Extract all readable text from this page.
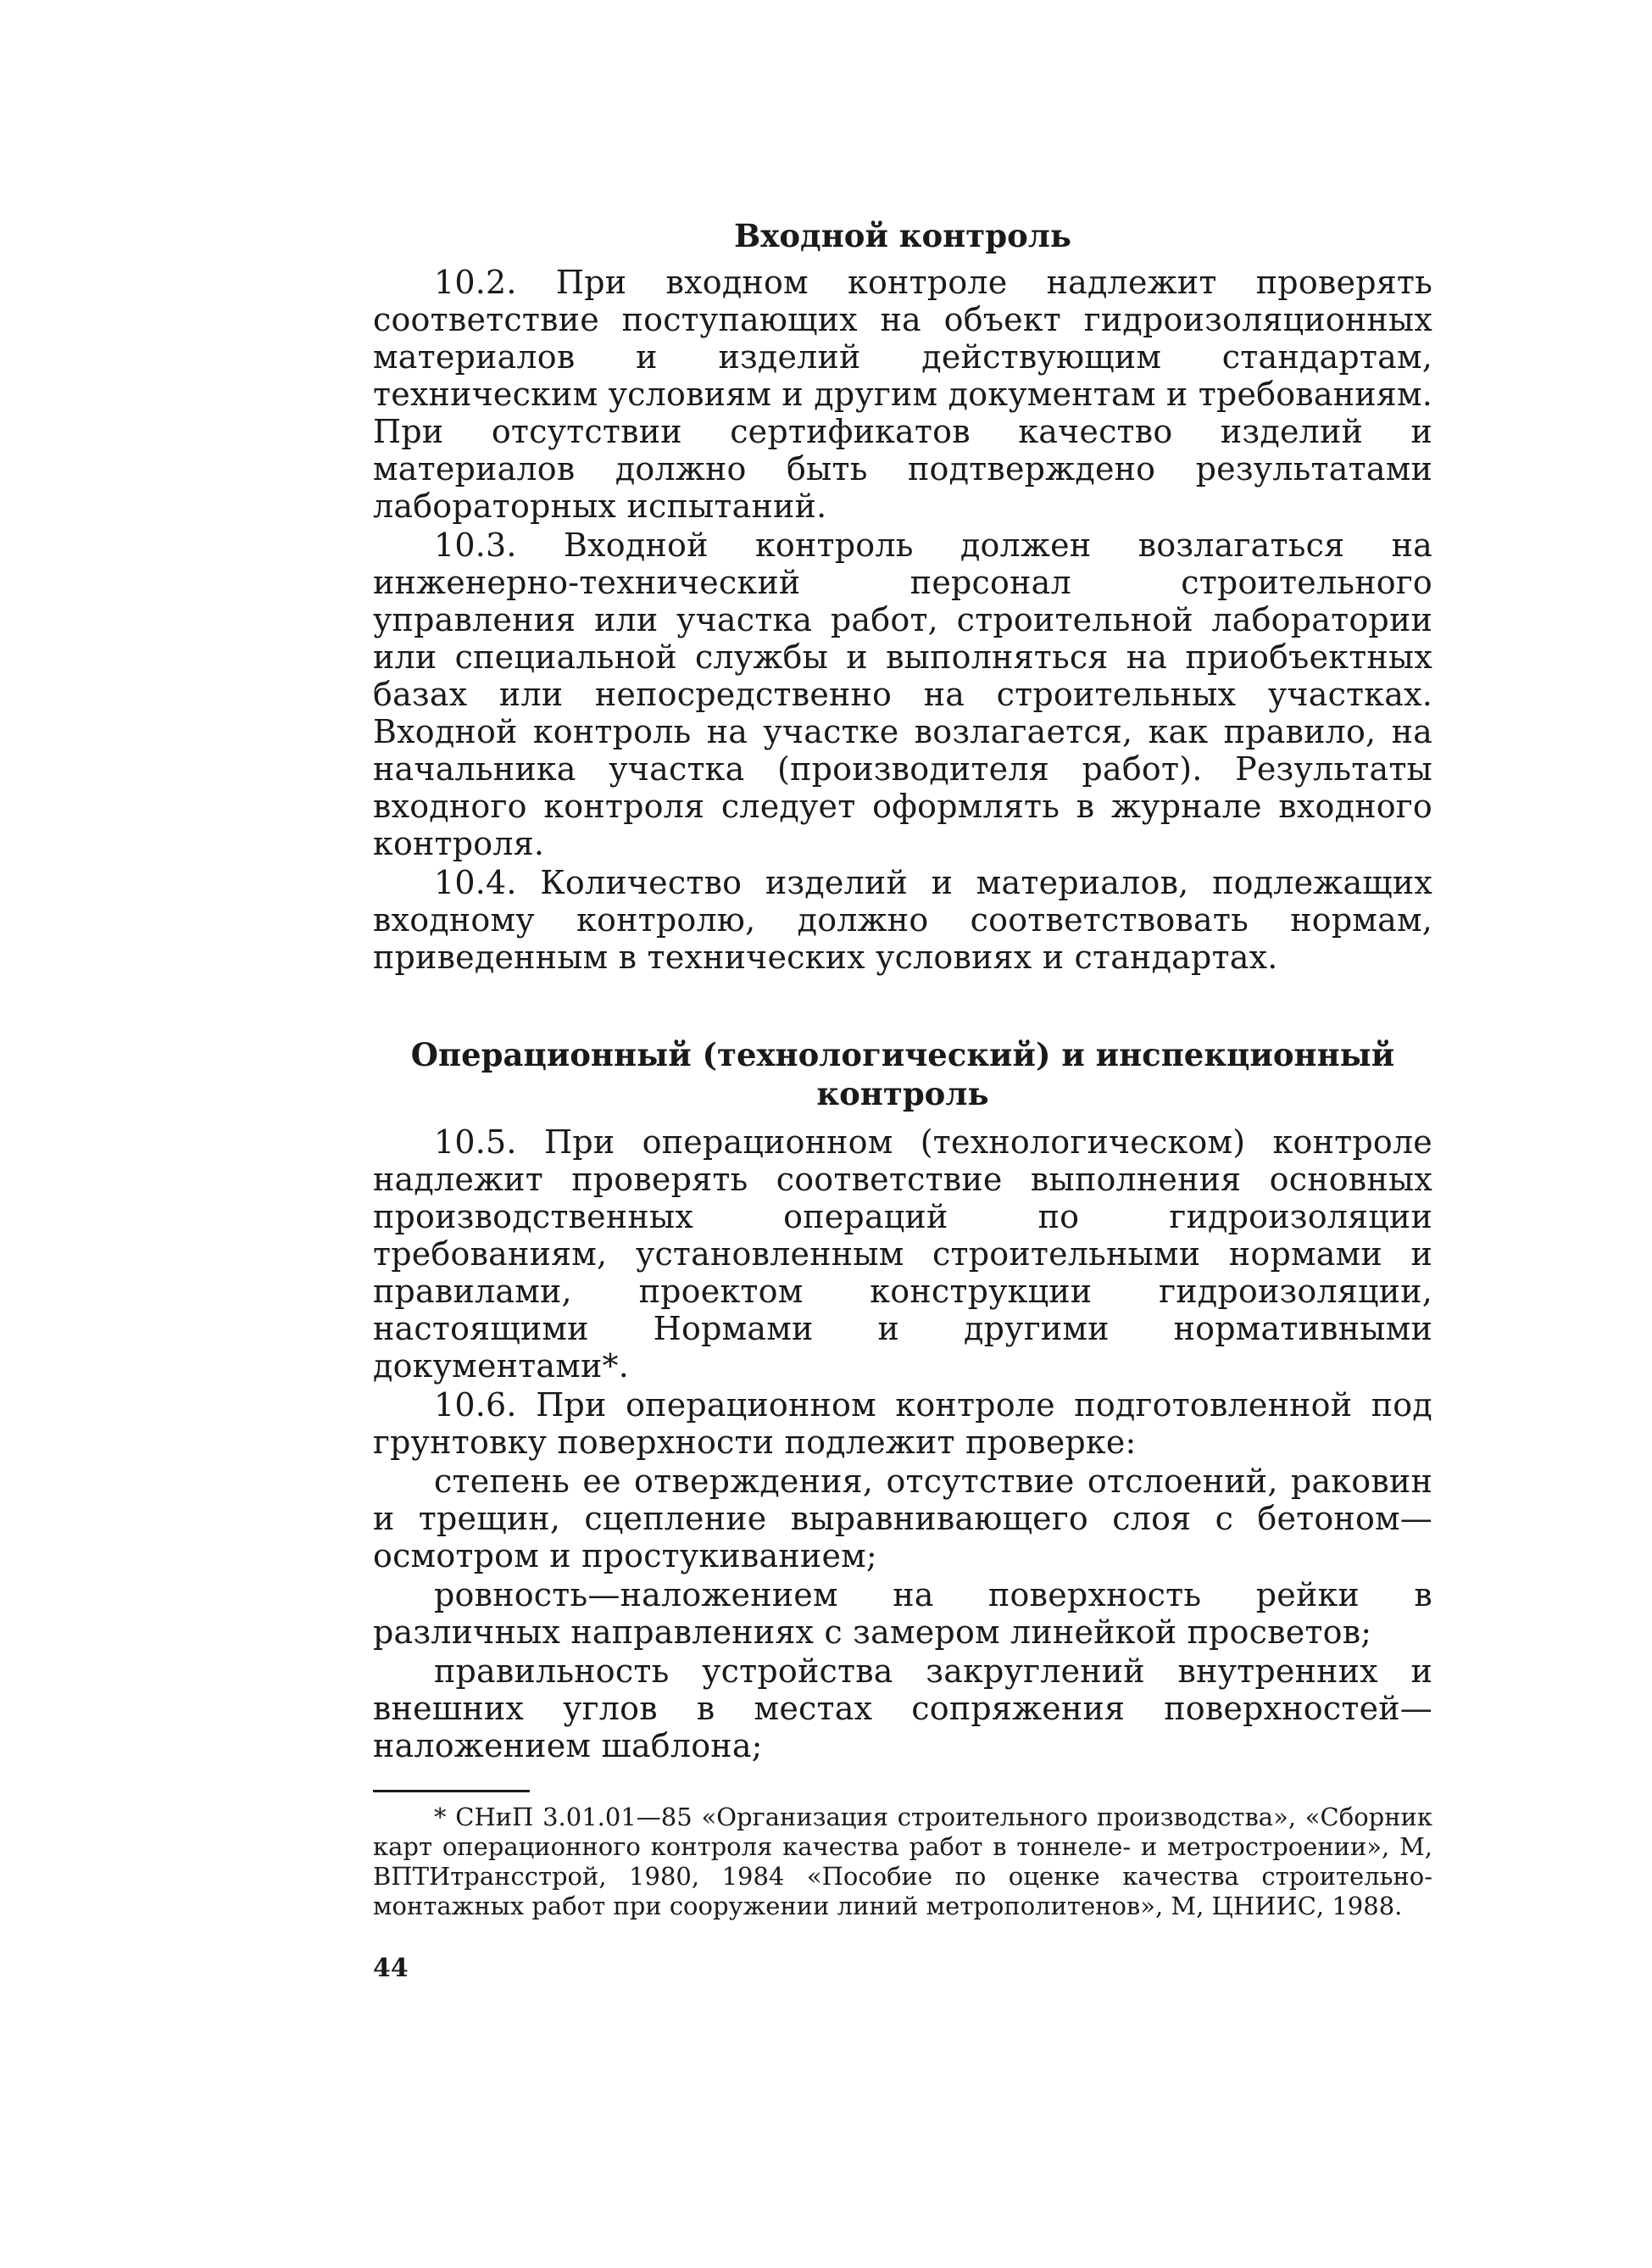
Входной контроль

10.2. При входном контроле надлежит проверять соответствие поступающих на объект гидроизоляционных материалов и изделий действующим стандартам, техническим условиям и другим документам и требованиям. При отсутствии сертификатов качество изделий и материалов должно быть подтверждено результатами лабораторных испытаний.

10.3. Входной контроль должен возлагаться на инженерно-технический персонал строительного управления или участка работ, строительной лаборатории или специальной службы и выполняться на приобъектных базах или непосредственно на строительных участках. Входной контроль на участке возлагается, как правило, на начальника участка (производителя работ). Результаты входного контроля следует оформлять в журнале входного контроля.

10.4. Количество изделий и материалов, подлежащих входному контролю, должно соответствовать нормам, приведенным в технических условиях и стандартах.

Операционный (технологический) и инспекционный контроль

10.5. При операционном (технологическом) контроле надлежит проверять соответствие выполнения основных производственных операций по гидроизоляции требованиям, установленным строительными нормами и правилами, проектом конструкции гидроизоляции, настоящими Нормами и другими нормативными документами*.

10.6. При операционном контроле подготовленной под грунтовку поверхности подлежит проверке:

степень ее отверждения, отсутствие отслоений, раковин и трещин, сцепление выравнивающего слоя с бетоном—осмотром и простукиванием;

ровность—наложением на поверхность рейки в различных направлениях с замером линейкой просветов;

правильность устройства закруглений внутренних и внешних углов в местах сопряжения поверхностей—наложением шаблона;

* СНиП 3.01.01—85 «Организация строительного производства», «Сборник карт операционного контроля качества работ в тоннеле- и метростроении», М, ВПТИтрансстрой, 1980, 1984 «Пособие по оценке качества строительно-монтажных работ при сооружении линий метрополитенов», М, ЦНИИС, 1988.

44
